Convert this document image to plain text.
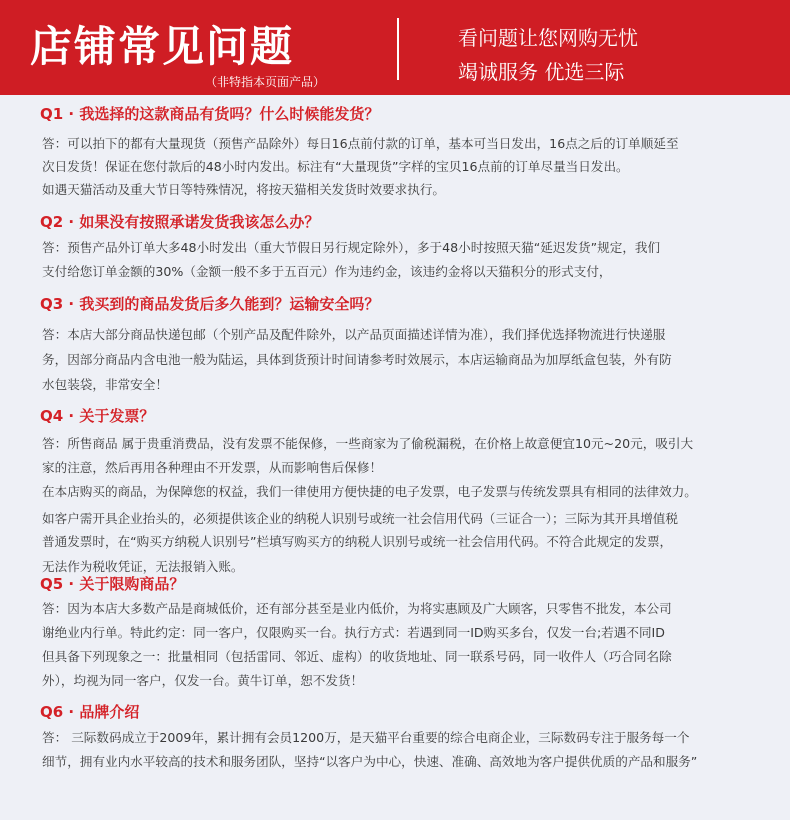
店铺常见问题
（非特指本页面产品）
看问题让您网购无忧
竭诚服务 优选三际
Q1 · 我选择的这款商品有货吗？什么时候能发货？
答：可以拍下的都有大量现货（预售产品除外）每日16点前付款的订单，基本可当日发出，16点之后的订单顺延至
次日发货！保证在您付款后的48小时内发出。标注有“大量现货”字样的宝贝16点前的订单尽量当日发出。
如遇天猫活动及重大节日等特殊情况，将按天猫相关发货时效要求执行。
Q2 · 如果没有按照承诺发货我该怎么办？
答：预售产品外订单大多48小时发出（重大节假日另行规定除外），多于48小时按照天猫“延迟发货”规定，我们
支付给您订单金额的30%（金额一般不多于五百元）作为违约金，该违约金将以天猫积分的形式支付，
Q3 · 我买到的商品发货后多久能到？运输安全吗？
答：本店大部分商品快递包邮（个别产品及配件除外，以产品页面描述详情为准），我们择优选择物流进行快递服
务，因部分商品内含电池一般为陆运，具体到货预计时间请参考时效展示，本店运输商品为加厚纸盒包装，外有防
水包装袋，非常安全！
Q4 · 关于发票？
答：所售商品 属于贵重消费品，没有发票不能保修，一些商家为了偷税漏税，在价格上故意便宜10元~20元，吸引大
家的注意，然后再用各种理由不开发票，从而影响售后保修！
在本店购买的商品，为保障您的权益，我们一律使用方便快捷的电子发票，电子发票与传统发票具有相同的法律效力。
如客户需开具企业抬头的，必须提供该企业的纳税人识别号或统一社会信用代码（三证合一）；三际为其开具增值税
普通发票时，在“购买方纳税人识别号”栏填写购买方的纳税人识别号或统一社会信用代码。不符合此规定的发票，
无法作为税收凭证，无法报销入账。
Q5 · 关于限购商品？
答：因为本店大多数产品是商城低价，还有部分甚至是业内低价，为将实惠顾及广大顾客，只零售不批发，本公司
谢绝业内行单。特此约定：同一客户，仅限购买一台。执行方式：若遇到同一ID购买多台，仅发一台;若遇不同ID
但具备下列现象之一：批量相同（包括雷同、邻近、虚构）的收货地址、同一联系号码，同一收件人（巧合同名除
外），均视为同一客户，仅发一台。黄牛订单，恕不发货！
Q6 · 品牌介绍
答： 三际数码成立于2009年，累计拥有会员1200万，是天猫平台重要的综合电商企业，三际数码专注于服务每一个
细节，拥有业内水平较高的技术和服务团队，坚持“以客户为中心，快速、准确、高效地为客户提供优质的产品和服务”
